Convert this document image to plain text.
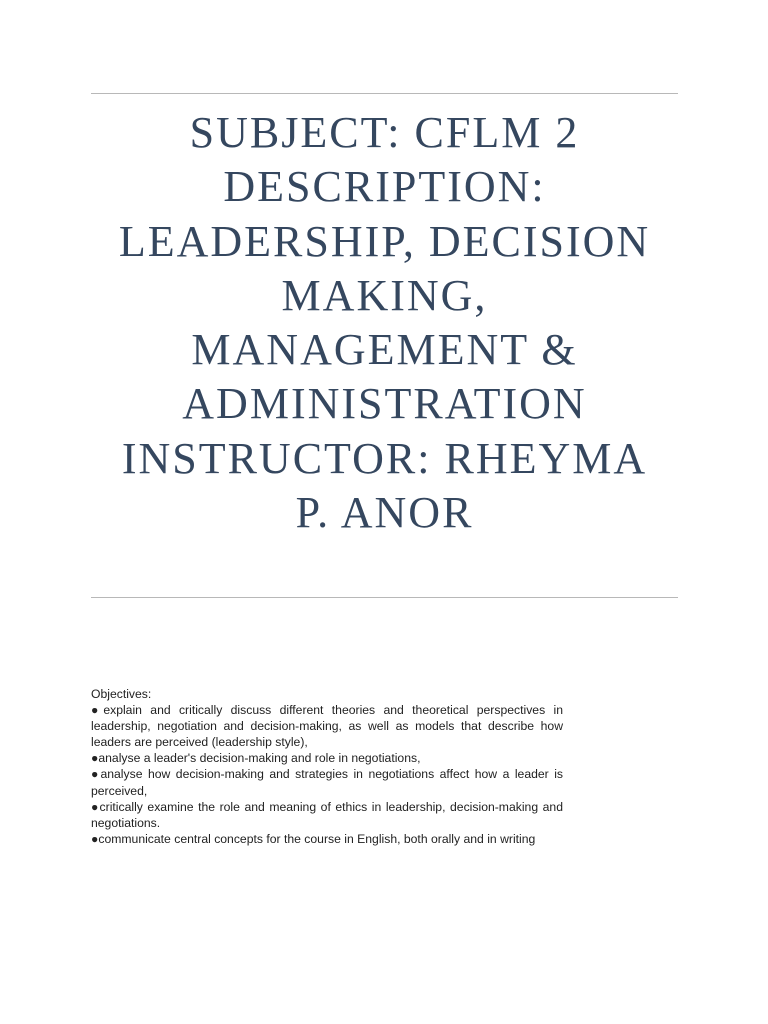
SUBJECT: CFLM 2
DESCRIPTION:
LEADERSHIP, DECISION
MAKING,
MANAGEMENT &
ADMINISTRATION
INSTRUCTOR: RHEYMA
P. ANOR
Objectives:
●explain and critically discuss different theories and theoretical perspectives in leadership, negotiation and decision-making, as well as models that describe how leaders are perceived (leadership style),
●analyse a leader's decision-making and role in negotiations,
●analyse how decision-making and strategies in negotiations affect how a leader is perceived,
●critically examine the role and meaning of ethics in leadership, decision-making and negotiations.
●communicate central concepts for the course in English, both orally and in writing
